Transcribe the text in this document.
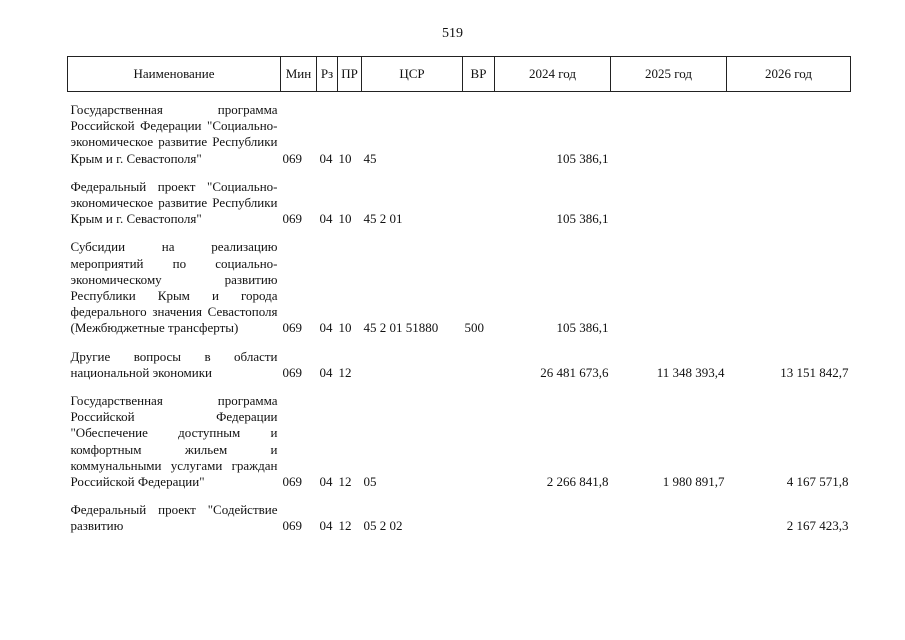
519
Наименование	Мин	Рз	ПР	ЦСР	ВР	2024 год	2025 год	2026 год

Государственная программа Российской Федерации "Социально-экономическое развитие Республики Крым и г. Севастополя"	069	04	10	45		105 386,1		

Федеральный проект "Социально-экономическое развитие Республики Крым и г. Севастополя"	069	04	10	45 2 01		105 386,1		

Субсидии на реализацию мероприятий по социально-экономическому развитию Республики Крым и города федерального значения Севастополя (Межбюджетные трансферты)	069	04	10	45 2 01 51880	500	105 386,1		

Другие вопросы в области национальной экономики	069	04	12			26 481 673,6	11 348 393,4	13 151 842,7

Государственная программа Российской Федерации "Обеспечение доступным и комфортным жильем и коммунальными услугами граждан Российской Федерации"	069	04	12	05		2 266 841,8	1 980 891,7	4 167 571,8

Федеральный проект "Содействие развитию	069	04	12	05 2 02				2 167 423,3
